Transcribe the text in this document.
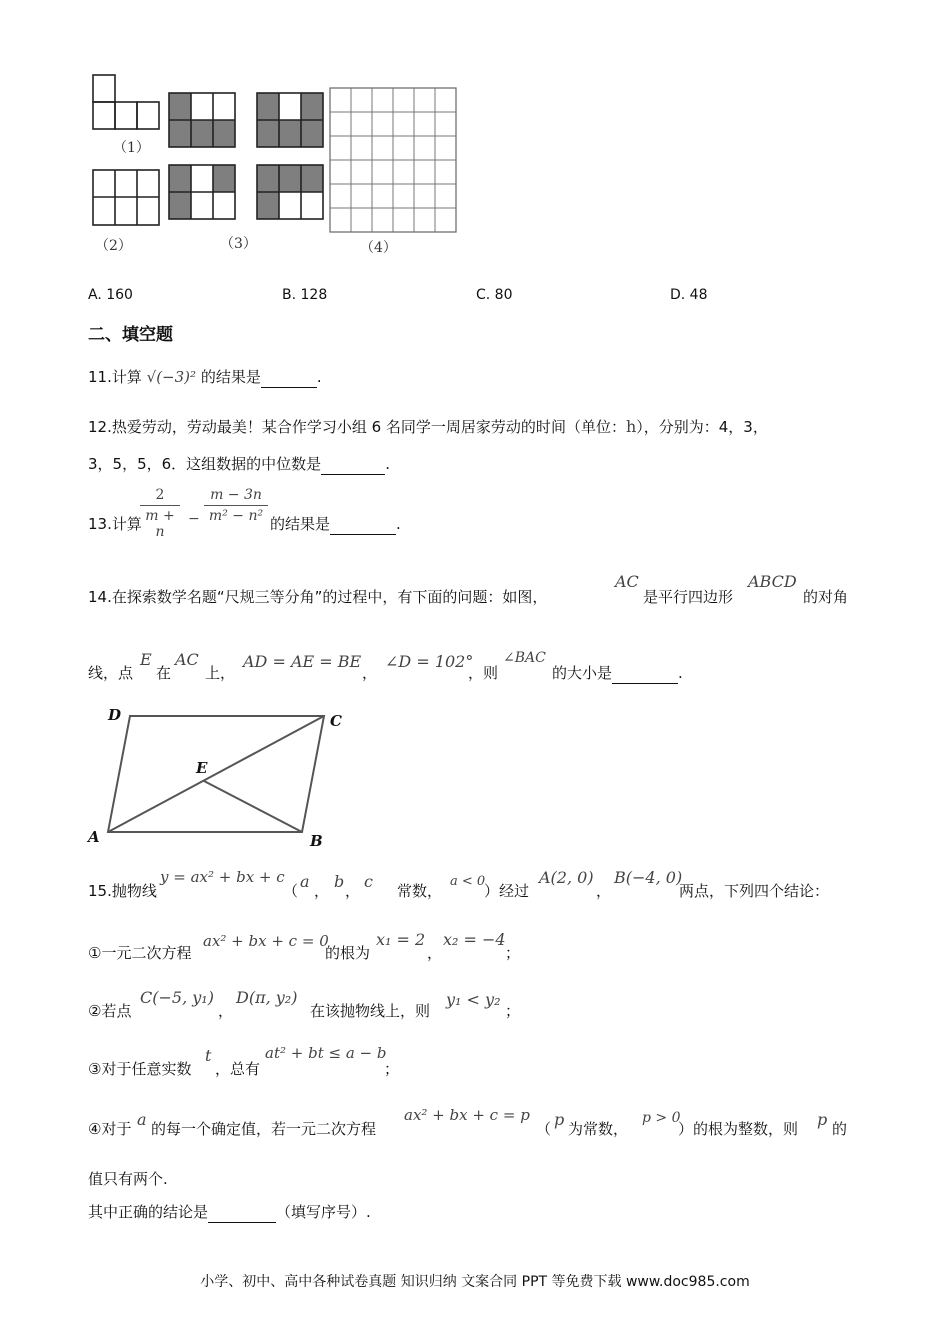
（1）
（2）	（3）	（4）
A. 160	B. 128	C. 80	D. 48
二、填空题
11.计算 √(−3)² 的结果是	.
12.热爱劳动，劳动最美！某合作学习小组 6 名同学一周居家劳动的时间（单位：h），分别为：4，3，
3，5，5，6．这组数据的中位数是	.
13.计算
2
m + n
−
m − 3n
m² − n² 的结果是	.
14.在探索数学名题“尺规三等分角”的过程中，有下面的问题：如图，
AC
是平行四边形
ABCD
的对角
线，点
E
在
AC
上，
AD = AE = BE
，
∠D = 102°
，则
∠BAC
的大小是	.
D	C
E
A	B
15.抛物线
y = ax² + bx + c
（ a ， b ， c 常数，
a < 0
）经过
A(2, 0)
，
B(−4, 0)
两点，下列四个结论：
①一元二次方程
ax² + bx + c = 0
的根为
x₁ = 2
，
x₂ = −4
；
②若点
C(−5, y₁)
，
D(π, y₂)
在该抛物线上，则
y₁ < y₂
；
③对于任意实数
t
，总有
at² + bt ≤ a − b
；
④对于 a 的每一个确定值，若一元二次方程
ax² + bx + c = p
（ p 为常数，
p > 0
）的根为整数，则 p 的
值只有两个.
其中正确的结论是	（填写序号）.
小学、初中、高中各种试卷真题 知识归纳 文案合同 PPT 等免费下载 www.doc985.com
